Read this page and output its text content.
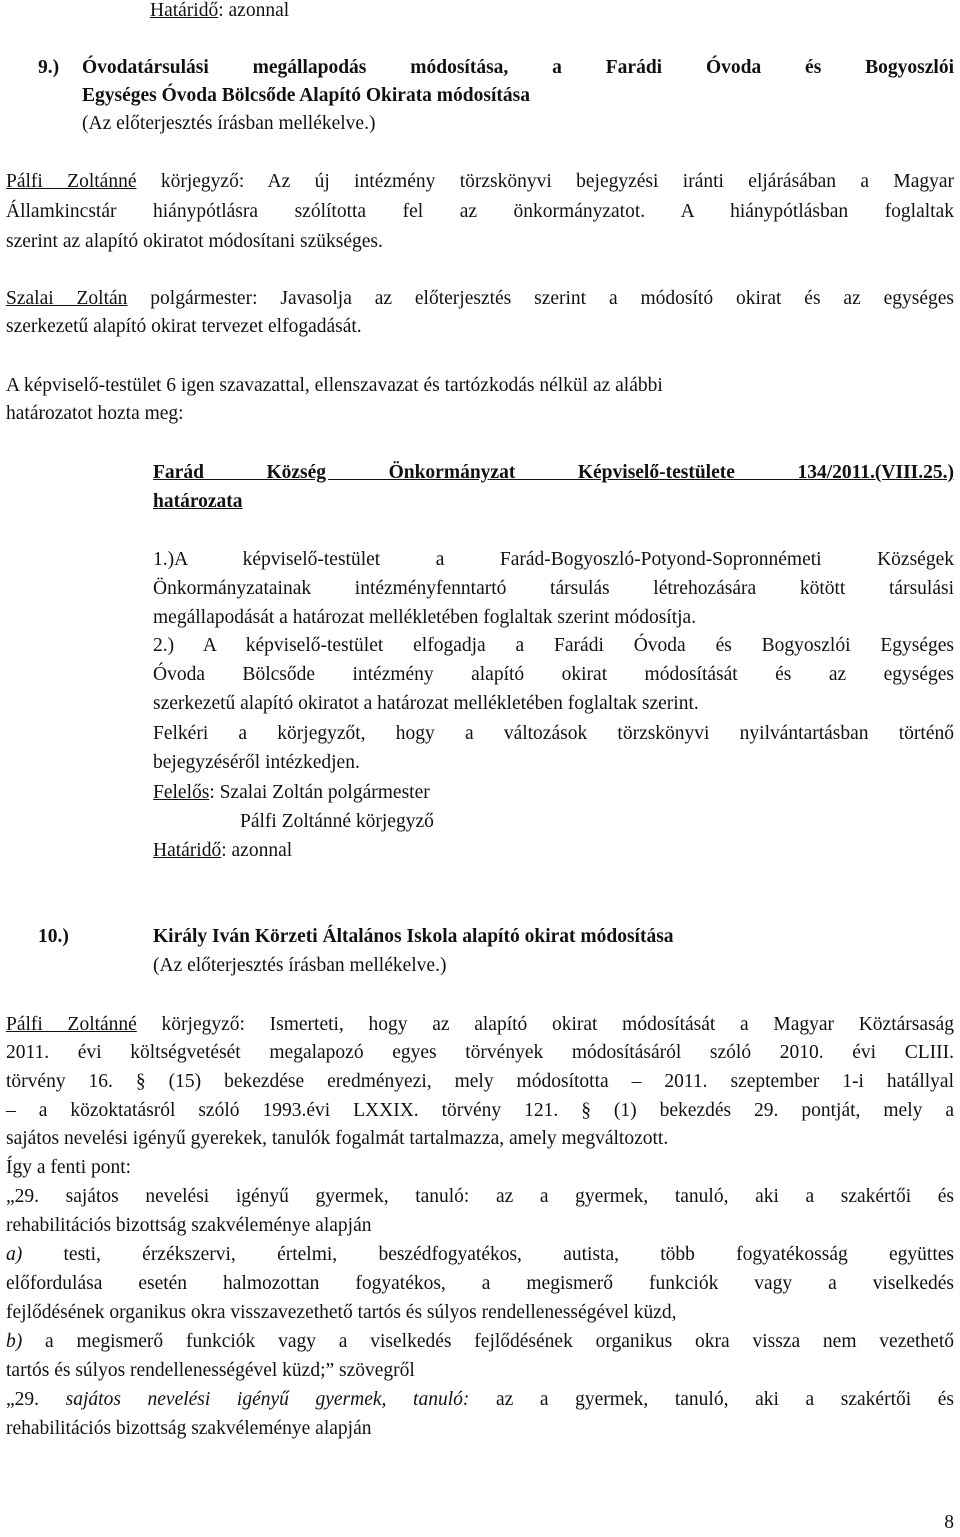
Határidő: azonnal
9.) Óvodatársulási megállapodás módosítása, a Farádi Óvoda és Bogyoszlói
Egységes Óvoda Bölcsőde Alapító Okirata módosítása
(Az előterjesztés írásban mellékelve.)
Pálfi Zoltánné körjegyző: Az új intézmény törzskönyvi bejegyzési iránti eljárásában a Magyar
Államkincstár hiánypótlásra szólította fel az önkormányzatot. A hiánypótlásban foglaltak
szerint az alapító okiratot módosítani szükséges.
Szalai Zoltán polgármester: Javasolja az előterjesztés szerint a módosító okirat és az egységes
szerkezetű alapító okirat tervezet elfogadását.
A képviselő-testület 6 igen szavazattal, ellenszavazat és tartózkodás nélkül az alábbi
határozatot hozta meg:
Farád Község Önkormányzat Képviselő-testülete 134/2011.(VIII.25.)
határozata
1.)A képviselő-testület a Farád-Bogyoszló-Potyond-Sopronnémeti Községek
Önkormányzatainak intézményfenntartó társulás létrehozására kötött társulási
megállapodását a határozat mellékletében foglaltak szerint módosítja.
2.) A képviselő-testület elfogadja a Farádi Óvoda és Bogyoszlói Egységes
Óvoda Bölcsőde intézmény alapító okirat módosítását és az egységes
szerkezetű alapító okiratot a határozat mellékletében foglaltak szerint.
Felkéri a körjegyzőt, hogy a változások törzskönyvi nyilvántartásban történő
bejegyzéséről intézkedjen.
Felelős: Szalai Zoltán polgármester
Pálfi Zoltánné körjegyző
Határidő: azonnal
10.)	Király Iván Körzeti Általános Iskola alapító okirat módosítása
(Az előterjesztés írásban mellékelve.)
Pálfi Zoltánné körjegyző: Ismerteti, hogy az alapító okirat módosítását a Magyar Köztársaság
2011. évi költségvetését megalapozó egyes törvények módosításáról szóló 2010. évi CLIII.
törvény 16. § (15) bekezdése eredményezi, mely módosította – 2011. szeptember 1-i hatállyal
– a közoktatásról szóló 1993.évi LXXIX. törvény 121. § (1) bekezdés 29. pontját, mely a
sajátos nevelési igényű gyerekek, tanulók fogalmát tartalmazza, amely megváltozott.
Így a fenti pont:
„29. sajátos nevelési igényű gyermek, tanuló: az a gyermek, tanuló, aki a szakértői és
rehabilitációs bizottság szakvéleménye alapján
a) testi, érzékszervi, értelmi, beszédfogyatékos, autista, több fogyatékosság együttes
előfordulása esetén halmozottan fogyatékos, a megismerő funkciók vagy a viselkedés
fejlődésének organikus okra visszavezethető tartós és súlyos rendellenességével küzd,
b) a megismerő funkciók vagy a viselkedés fejlődésének organikus okra vissza nem vezethető
tartós és súlyos rendellenességével küzd;” szövegről
„29. sajátos nevelési igényű gyermek, tanuló: az a gyermek, tanuló, aki a szakértői és
rehabilitációs bizottság szakvéleménye alapján
8
